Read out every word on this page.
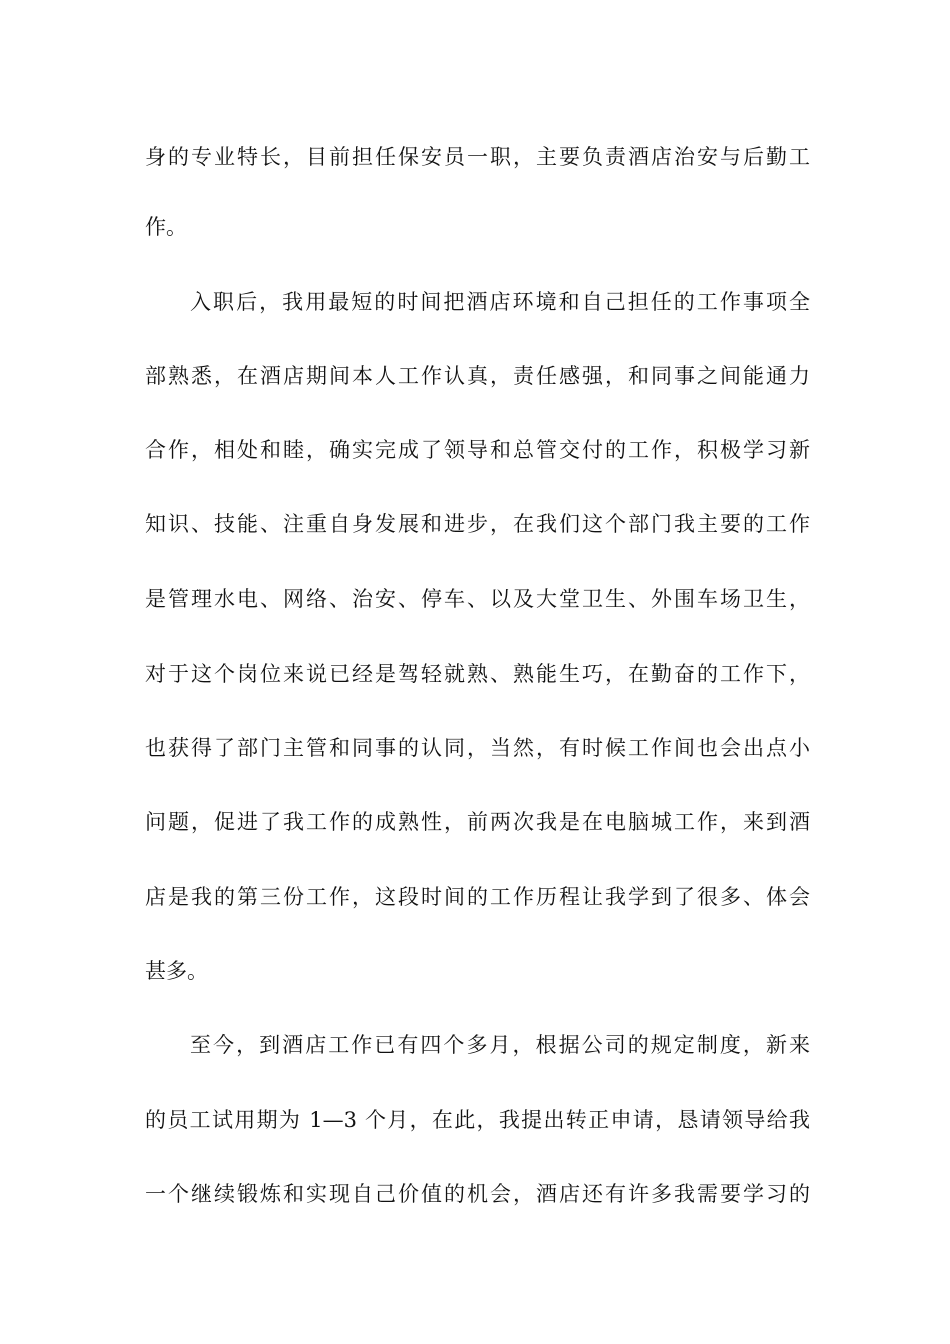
身的专业特长，目前担任保安员一职，主要负责酒店治安与后勤工
作。
入职后，我用最短的时间把酒店环境和自己担任的工作事项全
部熟悉，在酒店期间本人工作认真，责任感强，和同事之间能通力
合作，相处和睦，确实完成了领导和总管交付的工作，积极学习新
知识、技能、注重自身发展和进步，在我们这个部门我主要的工作
是管理水电、网络、治安、停车、以及大堂卫生、外围车场卫生，
对于这个岗位来说已经是驾轻就熟、熟能生巧，在勤奋的工作下，
也获得了部门主管和同事的认同，当然，有时候工作间也会出点小
问题，促进了我工作的成熟性，前两次我是在电脑城工作，来到酒
店是我的第三份工作，这段时间的工作历程让我学到了很多、体会
甚多。
至今，到酒店工作已有四个多月，根据公司的规定制度，新来
的员工试用期为 1—3 个月，在此，我提出转正申请，恳请领导给我
一个继续锻炼和实现自己价值的机会，酒店还有许多我需要学习的
